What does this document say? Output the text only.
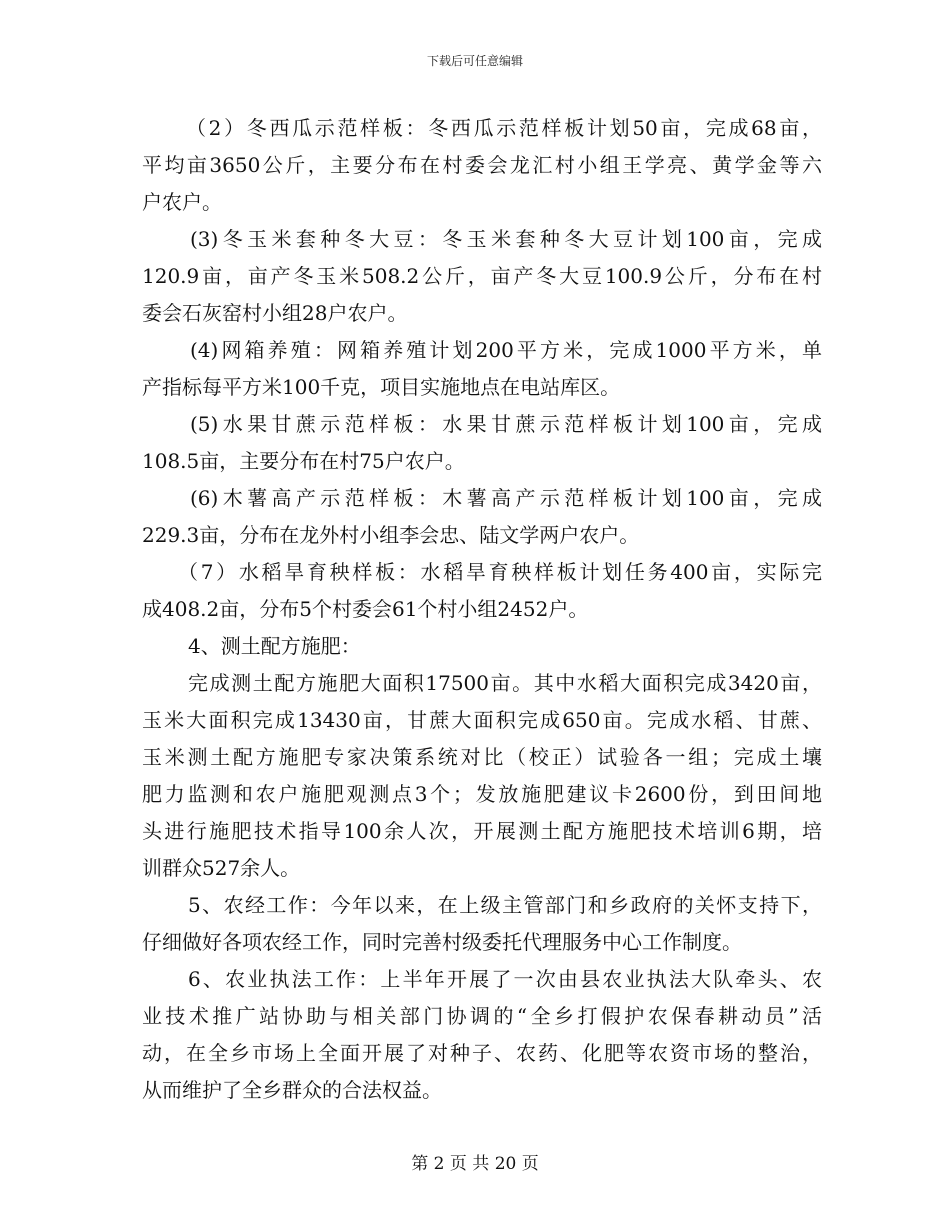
下载后可任意编辑
（2）冬西瓜示范样板：冬西瓜示范样板计划50亩，完成68亩，
平均亩3650公斤，主要分布在村委会龙汇村小组王学亮、黄学金等六
户农户。
(3)冬玉米套种冬大豆：冬玉米套种冬大豆计划100亩，完成
120.9亩，亩产冬玉米508.2公斤，亩产冬大豆100.9公斤，分布在村
委会石灰窑村小组28户农户。
(4)网箱养殖：网箱养殖计划200平方米，完成1000平方米，单
产指标每平方米100千克，项目实施地点在电站库区。
(5)水果甘蔗示范样板：水果甘蔗示范样板计划100亩，完成
108.5亩，主要分布在村75户农户。
(6)木薯高产示范样板：木薯高产示范样板计划100亩，完成
229.3亩，分布在龙外村小组李会忠、陆文学两户农户。
（7）水稻旱育秧样板：水稻旱育秧样板计划任务400亩，实际完
成408.2亩，分布5个村委会61个村小组2452户。
4、测土配方施肥：
完成测土配方施肥大面积17500亩。其中水稻大面积完成3420亩，
玉米大面积完成13430亩，甘蔗大面积完成650亩。完成水稻、甘蔗、
玉米测土配方施肥专家决策系统对比（校正）试验各一组；完成土壤
肥力监测和农户施肥观测点3个；发放施肥建议卡2600份，到田间地
头进行施肥技术指导100余人次，开展测土配方施肥技术培训6期，培
训群众527余人。
5、农经工作：今年以来，在上级主管部门和乡政府的关怀支持下，
仔细做好各项农经工作，同时完善村级委托代理服务中心工作制度。
6、农业执法工作：上半年开展了一次由县农业执法大队牵头、农
业技术推广站协助与相关部门协调的“全乡打假护农保春耕动员”活
动，在全乡市场上全面开展了对种子、农药、化肥等农资市场的整治，
从而维护了全乡群众的合法权益。
第 2 页 共 20 页
